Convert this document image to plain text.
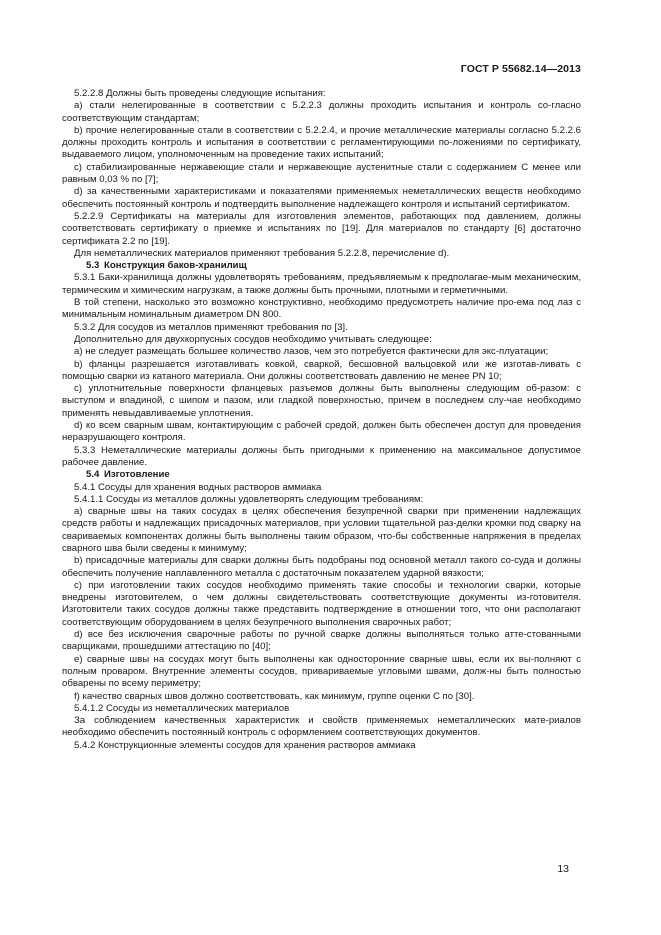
ГОСТ Р 55682.14—2013

5.2.2.8 Должны быть проведены следующие испытания:

a) стали нелегированные в соответствии с 5.2.2.3 должны проходить испытания и контроль со-гласно соответствующим стандартам;

b) прочие нелегированные стали в соответствии с 5.2.2.4, и прочие металлические материалы согласно 5.2.2.6 должны проходить контроль и испытания в соответствии с регламентирующими по-ложениями по сертификату, выдаваемого лицом, уполномоченным на проведение таких испытаний;

c) стабилизированные нержавеющие стали и нержавеющие аустенитные стали с содержанием C менее или равным 0,03 % по [7];

d) за качественными характеристиками и показателями применяемых неметаллических веществ необходимо обеспечить постоянный контроль и подтвердить выполнение надлежащего контроля и испытаний сертификатом.

5.2.2.9 Сертификаты на материалы для изготовления элементов, работающих под давлением, должны соответствовать сертификату о приемке и испытаниях по [19]. Для материалов по стандарту [6] достаточно сертификата 2.2 по [19].

Для неметаллических материалов применяют требования 5.2.2.8, перечисление d).

5.3 Конструкция баков-хранилищ

5.3.1 Баки-хранилища должны удовлетворять требованиям, предъявляемым к предполагае-мым механическим, термическим и химическим нагрузкам, а также должны быть прочными, плотными и герметичными.

В той степени, насколько это возможно конструктивно, необходимо предусмотреть наличие про-ема под лаз с минимальным номинальным диаметром DN 800.

5.3.2 Для сосудов из металлов применяют требования по [3].

Дополнительно для двухкорпусных сосудов необходимо учитывать следующее:

a) не следует размещать большее количество лазов, чем это потребуется фактически для экс-плуатации;

b) фланцы разрешается изготавливать ковкой, сваркой, бесшовной вальцовкой или же изготав-ливать с помощью сварки из катаного материала. Они должны соответствовать давлению не менее PN 10;

c) уплотнительные поверхности фланцевых разъемов должны быть выполнены следующим об-разом: с выступом и впадиной, с шипом и пазом, или гладкой поверхностью, причем в последнем слу-чае необходимо применять невыдавливаемые уплотнения.

d) ко всем сварным швам, контактирующим с рабочей средой, должен быть обеспечен доступ для проведения неразрушающего контроля.

5.3.3 Неметаллические материалы должны быть пригодными к применению на максимальное допустимое рабочее давление.

5.4 Изготовление

5.4.1 Сосуды для хранения водных растворов аммиака

5.4.1.1 Сосуды из металлов должны удовлетворять следующим требованиям:

a) сварные швы на таких сосудах в целях обеспечения безупречной сварки при применении надлежащих средств работы и надлежащих присадочных материалов, при условии тщательной раз-делки кромки под сварку на свариваемых компонентах должны быть выполнены таким образом, что-бы собственные напряжения в пределах сварного шва были сведены к минимуму;

b) присадочные материалы для сварки должны быть подобраны под основной металл такого со-суда и должны обеспечить получение наплавленного металла с достаточным показателем ударной вязкости;

c) при изготовлении таких сосудов необходимо применять такие способы и технологии сварки, которые внедрены изготовителем, о чем должны свидетельствовать соответствующие документы из-готовителя. Изготовители таких сосудов должны также представить подтверждение в отношении того, что они располагают соответствующим оборудованием в целях безупречного выполнения сварочных работ;

d) все без исключения сварочные работы по ручной сварке должны выполняться только атте-стованными сварщиками, прошедшими аттестацию по [40];

e) сварные швы на сосудах могут быть выполнены как односторонние сварные швы, если их вы-полняют с полным проваром. Внутренние элементы сосудов, привариваемые угловыми швами, долж-ны быть полностью обварены по всему периметру;

f) качество сварных швов должно соответствовать, как минимум, группе оценки C по [30].

5.4.1.2 Сосуды из неметаллических материалов

За соблюдением качественных характеристик и свойств применяемых неметаллических мате-риалов необходимо обеспечить постоянный контроль с оформлением соответствующих документов.

5.4.2 Конструкционные элементы сосудов для хранения растворов аммиака

13
